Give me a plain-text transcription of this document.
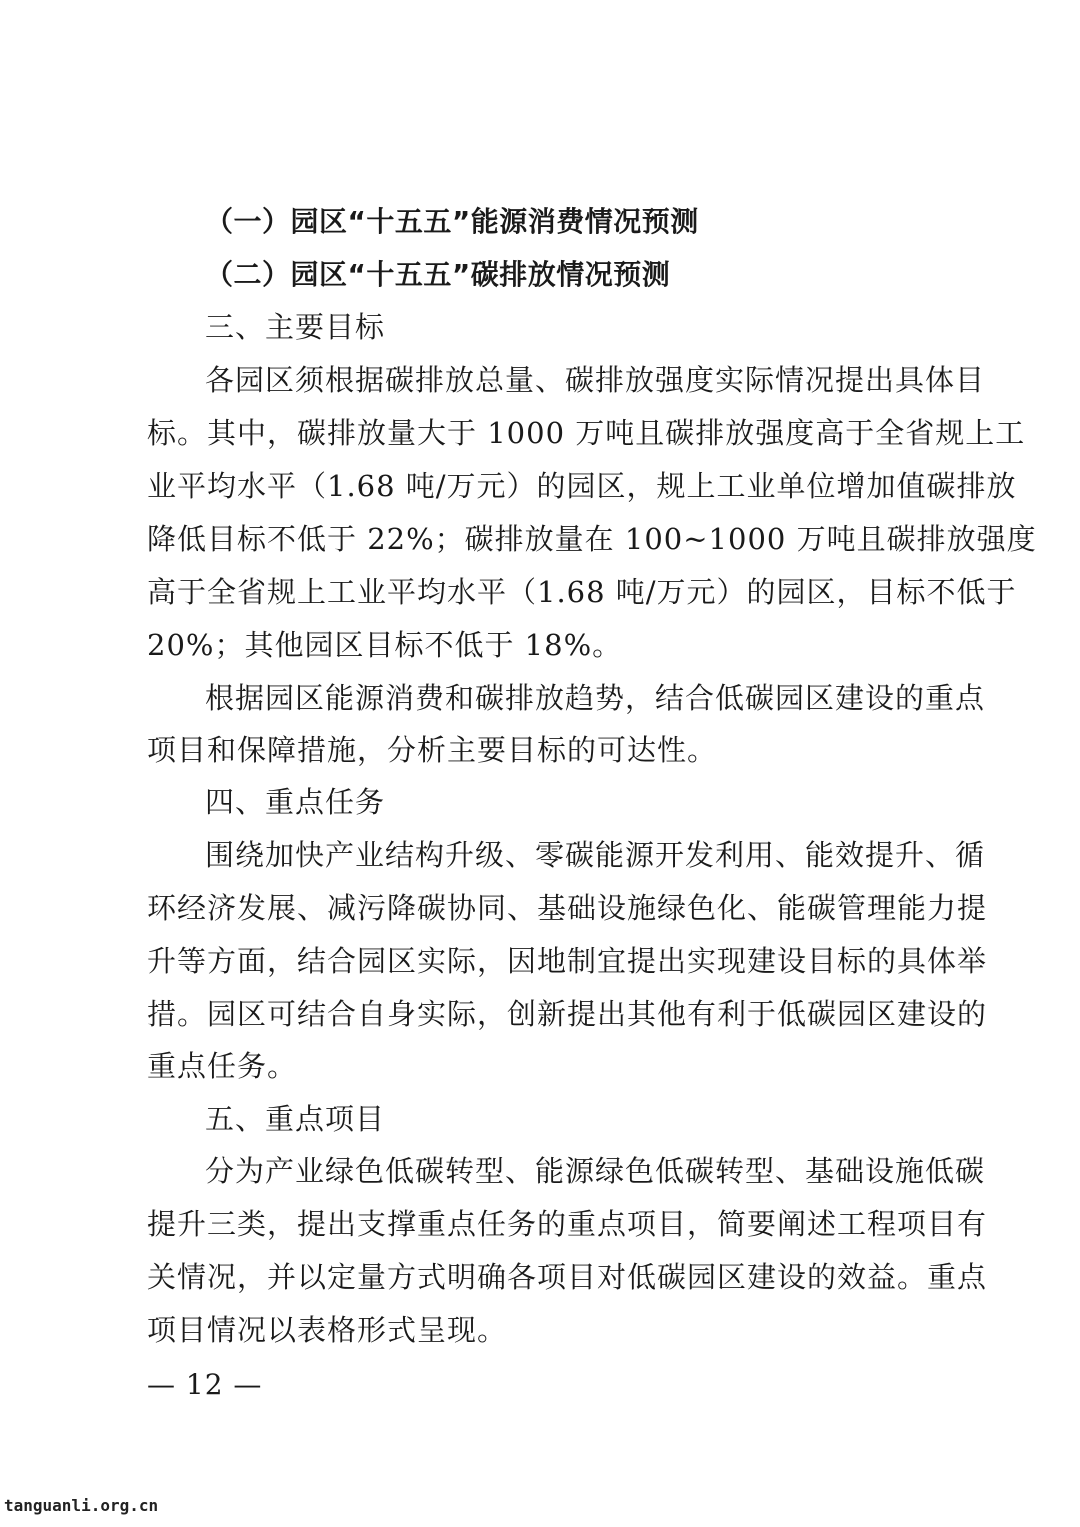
（一）园区“十五五”能源消费情况预测
（二）园区“十五五”碳排放情况预测
三、主要目标
各园区须根据碳排放总量、碳排放强度实际情况提出具体目
标。其中，碳排放量大于 1000 万吨且碳排放强度高于全省规上工
业平均水平（1.68 吨/万元）的园区，规上工业单位增加值碳排放
降低目标不低于 22%；碳排放量在 100~1000 万吨且碳排放强度
高于全省规上工业平均水平（1.68 吨/万元）的园区，目标不低于
20%；其他园区目标不低于 18%。
根据园区能源消费和碳排放趋势，结合低碳园区建设的重点
项目和保障措施，分析主要目标的可达性。
四、重点任务
围绕加快产业结构升级、零碳能源开发利用、能效提升、循
环经济发展、减污降碳协同、基础设施绿色化、能碳管理能力提
升等方面，结合园区实际，因地制宜提出实现建设目标的具体举
措。园区可结合自身实际，创新提出其他有利于低碳园区建设的
重点任务。
五、重点项目
分为产业绿色低碳转型、能源绿色低碳转型、基础设施低碳
提升三类，提出支撑重点任务的重点项目，简要阐述工程项目有
关情况，并以定量方式明确各项目对低碳园区建设的效益。重点
项目情况以表格形式呈现。
— 12 —
tanguanli.org.cn
